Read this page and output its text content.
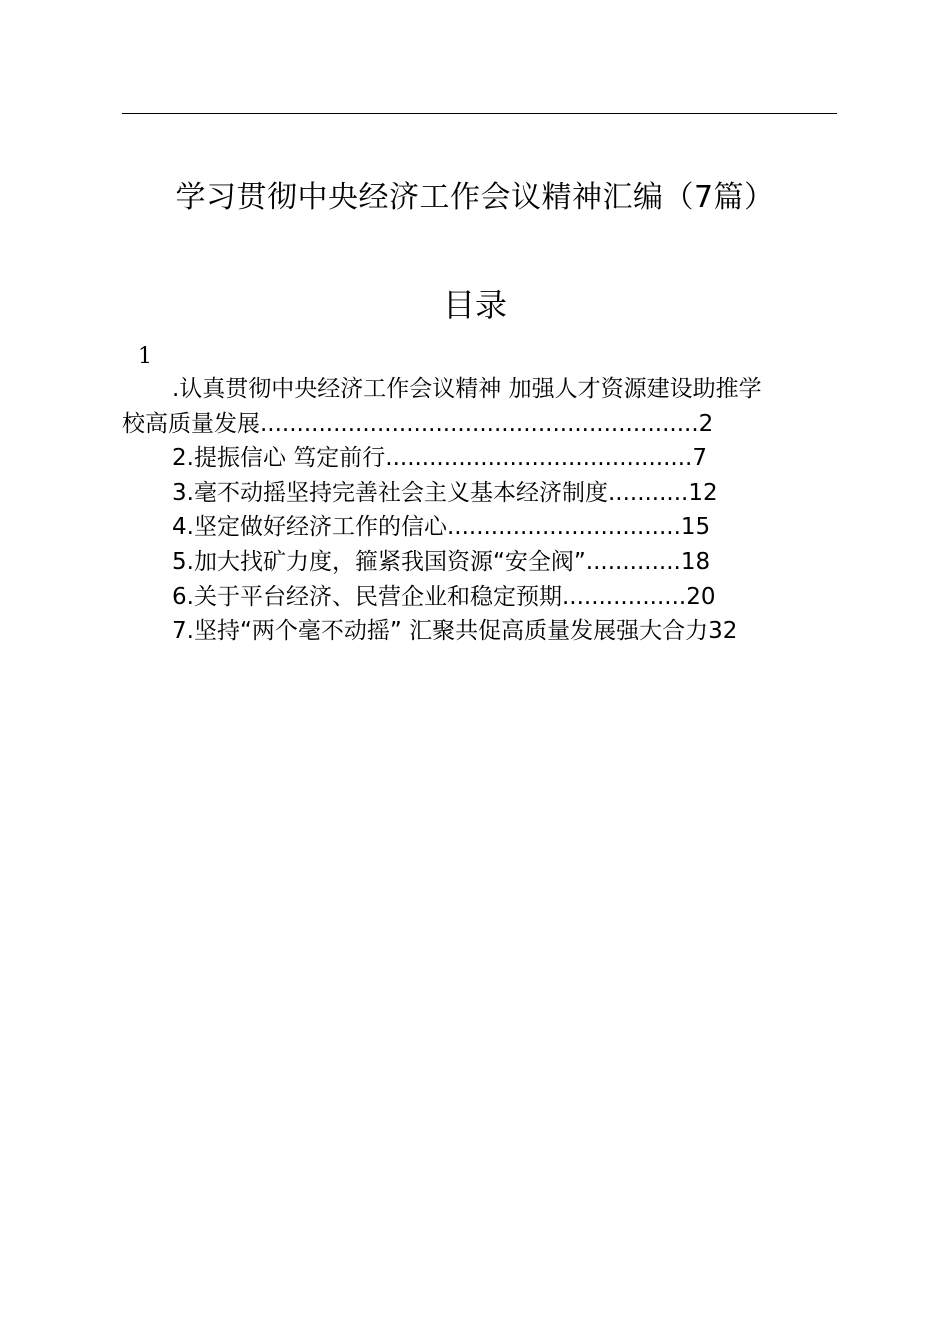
学习贯彻中央经济工作会议精神汇编（7篇）
目录
1
.认真贯彻中央经济工作会议精神 加强人才资源建设助推学
校高质量发展............................................................2
2.提振信心 笃定前行..........................................7
3.毫不动摇坚持完善社会主义基本经济制度...........12
4.坚定做好经济工作的信心................................15
5.加大找矿力度，箍紧我国资源“安全阀”.............18
6.关于平台经济、民营企业和稳定预期.................20
7.坚持“两个毫不动摇” 汇聚共促高质量发展强大合力32
